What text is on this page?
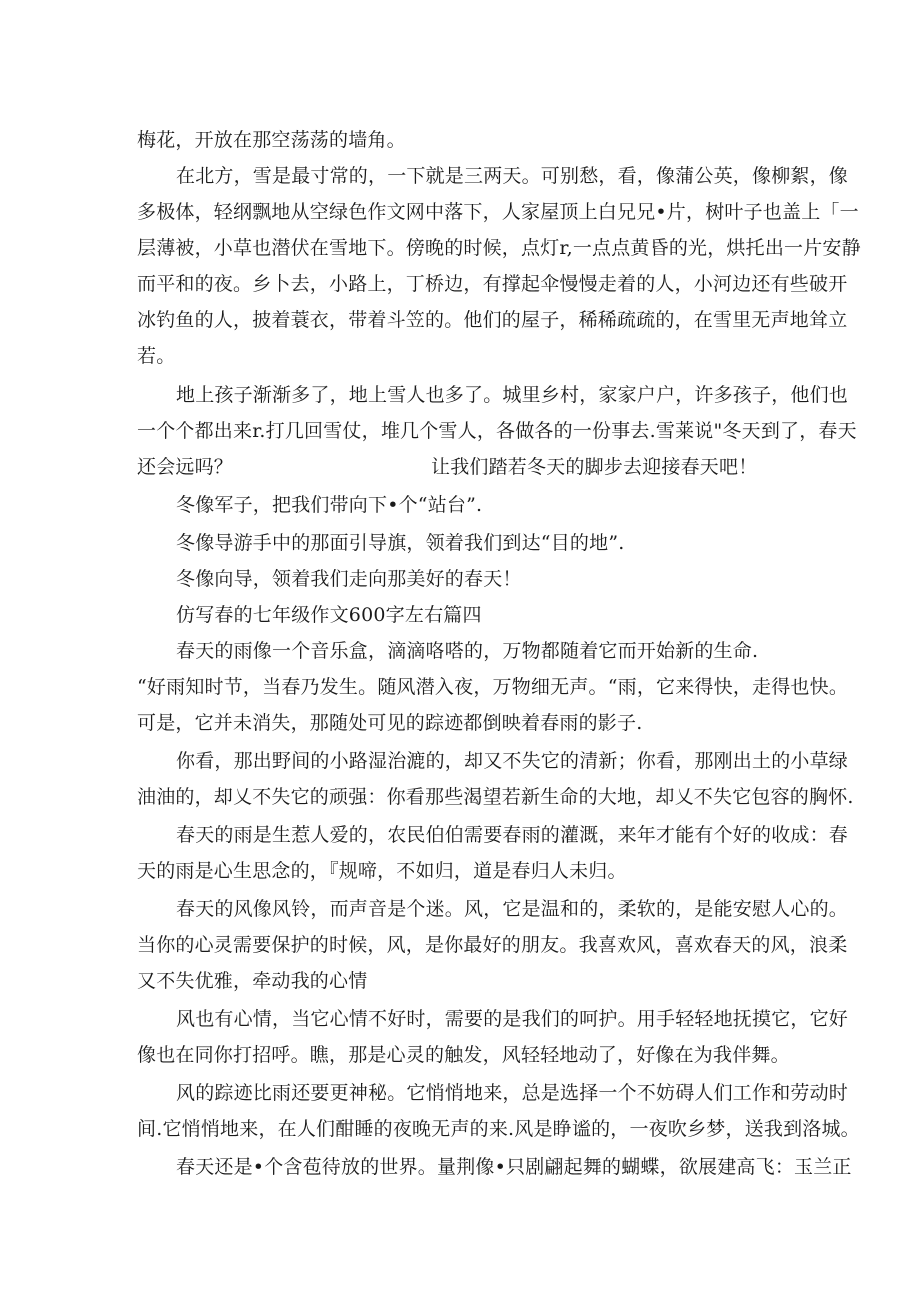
梅花，开放在那空荡荡的墙角。
在北方，雪是最寸常的，一下就是三两天。可别愁，看，像蒲公英，像柳絮，像
多极体，轻纲飘地从空绿色作文网中落下，人家屋顶上白兄兄•片，树叶子也盖上「一
层薄被，小草也潜伏在雪地下。傍晚的时候，点灯r,一点点黄昏的光，烘托出一片安静
而平和的夜。乡卜去，小路上，丁桥边，有撑起伞慢慢走着的人，小河边还有些破开
冰钓鱼的人，披着蓑衣，带着斗笠的。他们的屋子，稀稀疏疏的，在雪里无声地耸立
若。
地上孩子渐渐多了，地上雪人也多了。城里乡村，家家户户，许多孩子，他们也
一个个都出来r.打几回雪仗，堆几个雪人，各做各的一份事去.雪莱说"冬天到了，春天
还会远吗？	让我们踏若冬天的脚步去迎接春天吧！
冬像军子，把我们带向下•个“站台”.
冬像导游手中的那面引导旗，领着我们到达“目的地”.
冬像向导，领着我们走向那美好的春天！
仿写春的七年级作文600字左右篇四
春天的雨像一个音乐盒，滴滴咯嗒的，万物都随着它而开始新的生命.
“好雨知时节，当春乃发生。随风潜入夜，万物细无声。“雨，它来得快，走得也快。
可是，它并未消失，那随处可见的踪迹都倒映着春雨的影子.
你看，那出野间的小路湿治漉的，却又不失它的清新；你看，那刚出土的小草绿
油油的，却乂不失它的顽强：你看那些渴望若新生命的大地，却乂不失它包容的胸怀.
春天的雨是生惹人爱的，农民伯伯需要春雨的灌溉，来年才能有个好的收成：春
天的雨是心生思念的，『规啼，不如归，道是春归人未归。
春天的风像风铃，而声音是个迷。风，它是温和的，柔软的，是能安慰人心的。
当你的心灵需要保护的时候，风，是你最好的朋友。我喜欢风，喜欢春天的风，浪柔
又不失优雅，牵动我的心情
风也有心情，当它心情不好时，需要的是我们的呵护。用手轻轻地抚摸它，它好
像也在同你打招呼。瞧，那是心灵的触发，风轻轻地动了，好像在为我伴舞。
风的踪迹比雨还要更神秘。它悄悄地来，总是选择一个不妨碍人们工作和劳动时
间.它悄悄地来，在人们酣睡的夜晚无声的来.风是睁谧的，一夜吹乡梦，送我到洛城。
春天还是•个含苞待放的世界。量荆像•只剧翩起舞的蝴蝶，欲展建高飞：玉兰正
